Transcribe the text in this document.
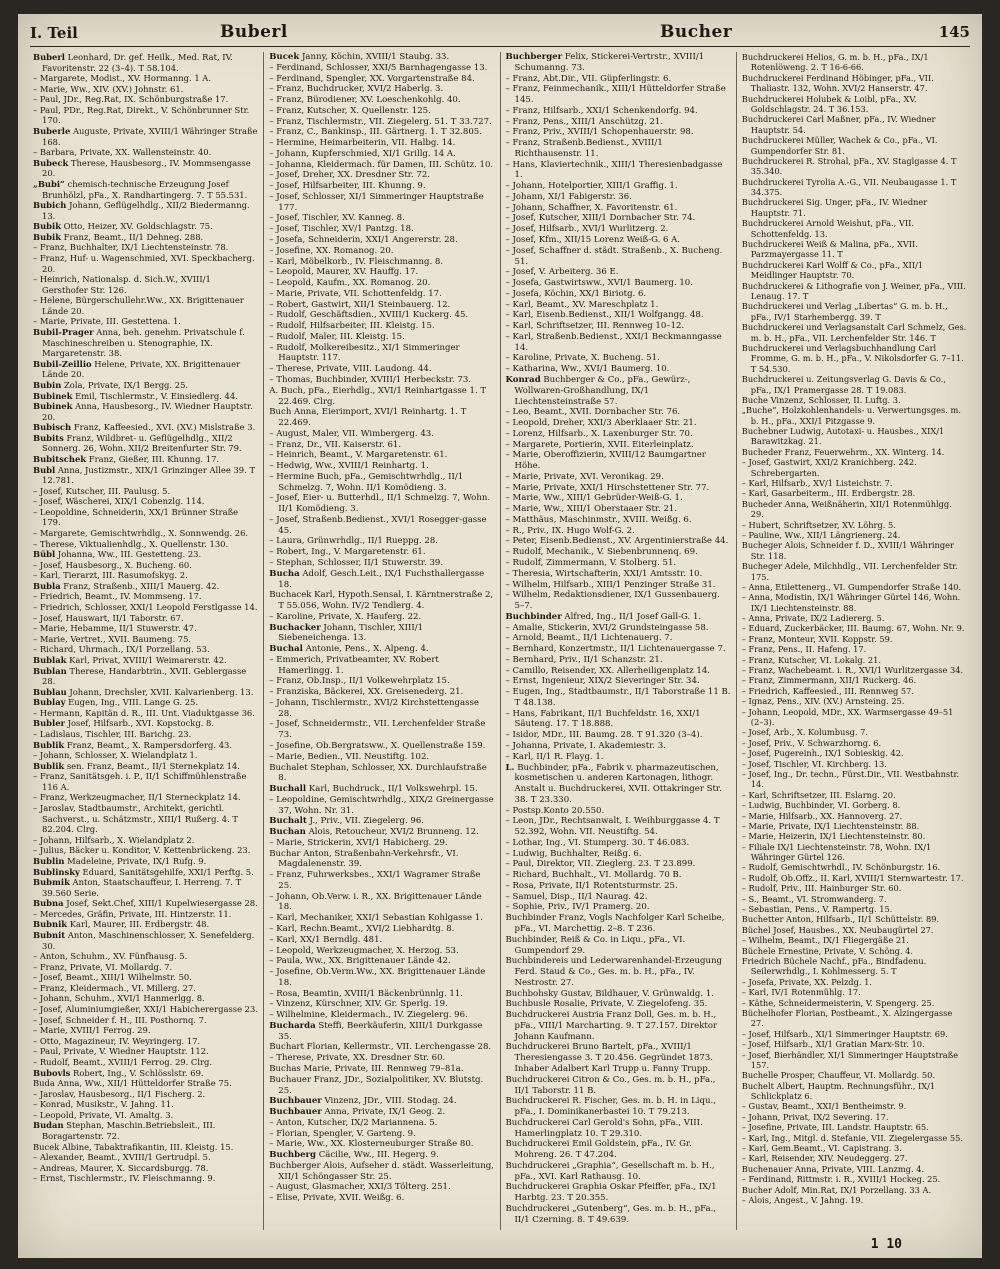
I. Teil	Buberl	Bucher	145

Buberl Leonhard, Dr. gef. Heilk., Med. Rat, IV. Favoritenstr. 22 (3–4). T 58.104.

– Margarete, Modist., XV. Hormanng. 1 A.

– Marie, Ww., XIV. (XV.) Johnstr. 61.

– Paul, JDr., Reg.Rat, IX. Schönburgstraße 17.

– Paul, PDr., Reg.Rat, Direkt., V. Schönbrunner Str. 170.

Buberle Auguste, Private, XVIII/1 Währinger Straße 168.

– Barbara, Private, XX. Wallensteinstr. 40.

Bubeck Therese, Hausbesorg., IV. Mommsengasse 20.

„Bubi“ chemisch-technische Erzeugung Josef Brunhölzl, pFa., X. Randhartingerg. 7. T 55.531.

Bubich Johann, Geflügelhdlg., XII/2 Biedermanng. 13.

Bubik Otto, Heizer, XV. Goldschlagstr. 75.

Bubik Franz, Beamt., II/1 Dehneg. 288.

– Franz, Buchhalter, IX/1 Liechtensteinstr. 78.

– Franz, Huf- u. Wagenschmied, XVI. Speckbacherg. 20.

– Heinrich, Nationalsp. d. Sich.W., XVIII/1 Gersthofer Str. 126.

– Helene, Bürgerschullehr.Ww., XX. Brigittenauer Lände 20.

– Marie, Private, III. Gestettena. 1.

Bubil-Prager Anna, beh. genehm. Privatschule f. Maschineschreiben u. Stenographie, IX. Margaretenstr. 38.

Bubil-Zeillio Helene, Private, XX. Brigittenauer Lände 20.

Bubin Zola, Private, IX/1 Bergg. 25.

Bubinek Emil, Tischlermstr., V. Einsiedlerg. 44.

Bubinek Anna, Hausbesorg., IV. Wiedner Hauptstr. 20.

Bubisch Franz, Kaffeesied., XVI. (XV.) Mislstraße 3.

Bubits Franz, Wildbret- u. Geflügelhdlg., XII/2 Sonnerg. 26, Wohn. XII/2 Breitenfurter Str. 79.

Bubitschek Franz, Gießer, III. Khunng. 17.

Bubl Anna, Justizmstr., XIX/1 Grinzinger Allee 39. T 12.781.

– Josef, Kutscher, III. Paulusg. 5.

– Josef, Wäscherei, XIX/1 Cobenzlg. 114.

– Leopoldine, Schneiderin, XX/1 Brünner Straße 179.

– Margarete, Gemischtwrhdlg., X. Sonnwendg. 26.

– Therese, Viktualienhdlg., X. Quellenstr. 130.

Bübl Johanna, Ww., III. Gestetteng. 23.

– Josef, Hausbesorg., X. Bucheng. 60.

– Karl, Tierarzt, III. Rasumofskyg. 2.

Bubla Franz, Straßenb., XIII/1 Mauerg. 42.

– Friedrich, Beamt., IV. Mommseng. 17.

– Friedrich, Schlosser, XXI/1 Leopold Ferstlgasse 14.

– Josef, Hauswart, II/1 Taborstr. 67.

– Marie, Hebamme, II/1 Stuwerstr. 47.

– Marie, Vertret., XVII. Baumeng. 75.

– Richard, Uhrmach., IX/1 Porzellang. 53.

Bublak Karl, Privat, XVIII/1 Weimarerstr. 42.

Bublan Therese, Handarbtrin., XVII. Geblergasse 28.

Bublau Johann, Drechsler, XVII. Kalvarienberg. 13.

Bublay Eugen, Ing., VIII. Lange G. 25.

– Hermann, Kapitän d. R., III. Unt. Viaduktgasse 36.

Bubler Josef, Hilfsarb., XVI. Kopstockg. 8.

– Ladislaus, Tischler, III. Barichg. 23.

Bublik Franz, Beamt., X. Rampersdorferg. 43.

– Johann, Schlosser, X. Wielandplatz 1.

Bublik sen. Franz, Beamt., II/1 Sternekplatz 14.

– Franz, Sanitätsgeh. i. P., II/1 Schiffmühlenstraße 116 A.

– Franz, Werkzeugmacher, II/1 Sterneckplatz 14.

– Jaroslav, Stadtbaumstr., Architekt, gerichtl. Sachverst., u. Schätzmstr., XIII/1 Rußerg. 4. T 82.204. Clrg.

– Johann, Hilfsarb., X. Wielandplatz 2.

– Julius, Bäcker u. Konditor, V. Kettenbrückeng. 23.

Bublin Madeleine, Private, IX/1 Rufg. 9.

Bublinsky Eduard, Sanitätsgehilfe, XXI/1 Perftg. 5.

Bubmik Anton, Staatschauffeur, I. Herreng. 7. T 39.560 Serie.

Bubna Josef, Sekt.Chef, XIII/1 Kupelwiesergasse 28.

– Mercedes, Gräfin, Private, III. Hintzerstr. 11.

Bubnik Karl, Maurer, III. Erdbergstr. 48.

Bubnit Anton, Maschinenschlosser, X. Senefelderg. 30.

– Anton, Schuhm., XV. Fünfhausg. 5.

– Franz, Private, VI. Mollardg. 7.

– Josef, Beamt., XIII/1 Wilhelmstr. 50.

– Franz, Kleidermach., VI. Millerg. 27.

– Johann, Schuhm., XVI/1 Hanmerlgg. 8.

– Josef, Aluminiumgießer, XXI/1 Habicherergasse 23.

– Josef, Schneider f. H., III. Posthornq. 7.

– Marie, XVIII/1 Ferrog. 29.

– Otto, Magazineur, IV. Weyringerg. 17.

– Paul, Private, V. Wiedner Hauptstr. 112.

– Rudolf, Beamt., XVIII/1 Ferrog. 29. Clrg.

Bubovls Robert, Ing., V. Schlösslstr. 69.

Buda Anna, Ww., XII/1 Hütteldorfer Straße 75.

– Jaroslav, Hausbesorg., II/1 Fischerg. 2.

– Konrad, Musikstr., V. Jahng. 11.

– Leopold, Private, VI. Amaltg. 3.

Budan Stephan, Maschin.Betriebsleit., III. Boragartenstr. 72.

Bucek Albine, Tabaktrafikantin, III. Kleistg. 15.

– Alexander, Beamt., XVIII/1 Gertrudpl. 5.

– Andreas, Maurer, X. Siccardsburgg. 78.

– Ernst, Tischlermstr., IV. Fleischmanng. 9.

Bucek Janny, Köchin, XVIII/1 Staubg. 33.

– Ferdinand, Schlosser, XXI/5 Barnhagengasse 13.

– Ferdinand, Spengler, XX. Vorgartenstraße 84.

– Franz, Buchdrucker, XVI/2 Haberlg. 3.

– Franz, Bürodiener, XV. Loeschenkohlg. 40.

– Franz, Kutscher, X. Quellenstr. 125.

– Franz, Tischlermstr., VII. Ziegelerg. 51. T 33.727.

– Franz, C., Bankinsp., III. Gärtnerg. 1. T 32.805.

– Hermine, Heimarbeiterin, VII. Halbg. 14.

– Johann, Kupferschmied, XI/1 Grillg. 14 A.

– Johanna, Kleidermach. für Damen, III. Schütz. 10.

– Josef, Dreher, XX. Dresdner Str. 72.

– Josef, Hilfsarbeiter, III. Khunng. 9.

– Josef, Schlosser, XI/1 Simmeringer Hauptstraße 177.

– Josef, Tischler, XV. Kanneg. 8.

– Josef, Tischler, XV/1 Pantzg. 18.

– Josefa, Schneiderin, XXI/1 Angererstr. 28.

– Josefine, XX. Romanog. 20.

– Karl, Möbelkorb., IV. Fleischmanng. 8.

– Leopold, Maurer, XV. Hauffg. 17.

– Leopold, Kaufm., XX. Romanog. 20.

– Marie, Private, VII. Schottenfeldg. 17.

– Robert, Gastwirt, XII/1 Steinbauerg. 12.

– Rudolf, Geschäftsdien., XVIII/1 Kuckerg. 45.

– Rudolf, Hilfsarbeiter, III. Kleistg. 15.

– Rudolf, Maler, III. Kleistg. 15.

– Rudolf, Molkereibesitz., XI/1 Simmeringer Hauptstr. 117.

– Therese, Private, VIII. Laudong. 44.

– Thomas, Buchbinder, XVIII/1 Herbeckstr. 73.

A. Buch, pFa., Eierhdlg., XVI/1 Reinhartgasse 1. T 22.469. Clrg.

Buch Anna, Eierimport, XVI/1 Reinhartg. 1. T 22.469.

– August, Maler, VII. Wimbergerg. 43.

– Franz, Dr., VII. Kaiserstr. 61.

– Heinrich, Beamt., V. Margaretenstr. 61.

– Hedwig, Ww., XVIII/1 Reinhartg. 1.

– Hermine Buch, pFa., Gemischtwrhdlg., II/1 Schmelzg. 7, Wohn. II/1 Komödieng. 3.

– Josef, Eier- u. Butterhdl., II/1 Schmelzg. 7, Wohn. II/1 Komödieng. 3.

– Josef, Straßenb.Bedienst., XVI/1 Rosegger-gasse 45.

– Laura, Grünwrhdlg., II/1 Rueppg. 28.

– Robert, Ing., V. Margaretenstr. 61.

– Stephan, Schlosser, II/1 Stuwerstr. 39.

Bucha Adolf, Gesch.Leit., IX/1 Fuchsthallergasse 18.

Buchacek Karl, Hypoth.Sensal, I. Kärntnerstraße 2, T 55.056, Wohn. IV/2 Tendlerg. 4.

– Karoline, Private, X. Hauferg. 22.

Buchacker Johann, Tischler, XIII/1 Siebeneichenga. 13.

Buchal Antonie, Pens., X. Alpeng. 4.

– Emmerich, Privatbeamter, XV. Robert Hamerlingg. 1.

– Franz, Ob.Insp., II/1 Volkewehrplatz 15.

– Franziska, Bäckerei, XX. Greisenederg. 21.

– Johann, Tischlermstr., XVI/2 Kirchstettengasse 28.

– Josef, Schneidermstr., VII. Lerchenfelder Straße 73.

– Josefine, Ob.Bergratsww., X. Quellenstraße 159.

– Marie, Bedien., VII. Neustiftg. 102.

Buchalet Stephan, Schlosser, XX. Durchlaufstraße 8.

Buchall Karl, Buchdruck., II/1 Volkswehrpl. 15.

– Leopoldine, Gemischtwrhdlg., XIX/2 Greinergasse 37, Wohn. Nr. 31.

Buchalt J., Priv., VII. Ziegelerg. 96.

Buchan Alois, Retoucheur, XVI/2 Brunneng. 12.

– Marie, Strickerin, XVI/1 Habicherg. 29.

Buchar Anton, Straßenbahn-Verkehrsfr., VI. Magdalenenstr. 39.

– Franz, Fuhrwerksbes., XXI/1 Wagramer Straße 25.

– Johann, Ob.Verw. i. R., XX. Brigittenauer Lände 18.

– Karl, Mechaniker, XXI/1 Sebastian Kohlgasse 1.

– Karl, Rechn.Beamt., XVI/2 Liebhardtg. 8.

– Karl, XX/1 Berndlg. 481.

– Leopold, Werkzeugmacher, X. Herzog. 53.

– Paula, Ww., XX. Brigittenauer Lände 42.

– Josefine, Ob.Verm.Ww., XX. Brigittenauer Lände 18.

– Rosa, Beamtin, XVIII/1 Bäckenbrünnlg. 11.

– Vinzenz, Kürschner, XIV. Gr. Sperlg. 19.

– Wilhelmine, Kleidermach., IV. Ziegelerg. 96.

Bucharda Steffi, Beerkäuferin, XIII/1 Durkgasse 35.

Buchart Florian, Kellermstr., VII. Lerchengasse 28.

– Therese, Private, XX. Dresdner Str. 60.

Buchas Marie, Private, III. Rennweg 79–81a.

Buchauer Franz, JDr., Sozialpolitiker, XV. Blutstg. 25.

Buchbauer Vinzenz, JDr., VIII. Stodag. 24.

Buchbauer Anna, Private, IX/1 Geog. 2.

– Anton, Kutscher, IX/2 Mariannena. 5.

– Florian, Spengler, V. Garteng. 9.

– Marie, Ww., XX. Klosterneuburger Straße 80.

Buchberg Cäcilie, Ww., III. Hegerg. 9.

Buchberger Alois, Aufseher d. städt. Wasserleitung, XII/1 Schöngasser Str. 25.

– August, Glasmacher, XXI/3 Tölterg. 251.

– Elise, Private, XVII. Weißg. 6.

Buchberger Felix, Stickerei-Vertrstr., XVIII/1 Schumanng. 73.

– Franz, Abt.Dir., VII. Güpferlingstr. 6.

– Franz, Feinmechanik., XIII/1 Hütteldorfer Straße 145.

– Franz, Hilfsarb., XXI/1 Schenkendorfg. 94.

– Franz, Pens., XIII/1 Anschützg. 21.

– Franz, Priv., XVIII/1 Schopenhauerstr. 98.

– Franz, Straßenb.Bedienst., XVIII/1 Richthausenstr. 11.

– Hans, Klaviertechnik., XIII/1 Theresienbadgasse 1.

– Johann, Hotelportier, XIII/1 Graffig. 1.

– Johann, XI/1 Fabigerstr. 36.

– Johann, Schaffner, X. Favoritenstr. 61.

– Josef, Kutscher, XIII/1 Dornbacher Str. 74.

– Josef, Hilfsarb., XVI/1 Wurlitzerg. 2.

– Josef, Kfm., XII/15 Lorenz Weiß-G. 6 A.

– Josef, Schaffner d. städt. Straßenb., X. Bucheng. 51.

– Josef, V. Arbeiterg. 36 E.

– Josefa, Gastwirtsww., XVI/1 Baumerg. 10.

– Josefa, Köchin, XX/1 Biriotg. 6.

– Karl, Beamt., XV. Mareschplatz 1.

– Karl, Eisenb.Bedienst., XII/1 Wolfgangg. 48.

– Karl, Schriftsetzer, III. Rennweg 10–12.

– Karl, Straßenb.Bedienst., XXI/1 Beckmanngasse 14.

– Karoline, Private, X. Bucheng. 51.

– Katharina, Ww., XVI/1 Baumerg. 10.

Konrad Buchberger & Co., pFa., Gewürz-, Wollwaren-Großhandlung, IX/1 Liechtensteinstraße 57.

– Leo, Beamt., XVII. Dornbacher Str. 76.

– Leopold, Dreher, XXI/3 Aberklaaer Str. 21.

– Lorenz, Hilfsarb., X. Laxenburger Str. 70.

– Margarete, Portierin, XVII. Eiterleinplatz.

– Marie, Oberoffizierin, XVIII/12 Baumgartner Höhe.

– Marie, Private, XVI. Veronikag. 29.

– Marie, Private, XXI/1 Hirschstettener Str. 77.

– Marie, Ww., XIII/1 Gebrüder-Weiß-G. 1.

– Marie, Ww., XIII/1 Oberstaaer Str. 21.

– Matthäus, Maschinmstr., XVIII. Weißg. 6.

– R., Priv., IX. Hugo Wolf-G. 2.

– Peter, Eisenb.Bedienst., XV. Argentinierstraße 44.

– Rudolf, Mechanik., V. Siebenbrunnenq. 69.

– Rudolf, Zimmermann, V. Stolberg. 51.

– Theresia, Wirtschafterin, XXI/1 Amtsstr. 10.

– Wilhelm, Hilfsarb., XIII/1 Penzinger Straße 31.

– Wilhelm, Redaktionsdiener, IX/1 Gussenbauerg. 5–7.

Buchbinder Alfred, Ing., II/1 Josef Gall-G. 1.

– Amalie, Stickerin, XVI/2 Grundsteingasse 58.

– Arnold, Beamt., II/1 Lichtenauerg. 7.

– Bernhard, Konzertmstr., II/1 Lichtenauergasse 7.

– Bernhard, Priv., II/1 Schanzstr. 21.

– Camillo, Reisender, XX. Allerheiligenplatz 14.

– Ernst, Ingenieur, XIX/2 Sieveringer Str. 34.

– Eugen, Ing., Stadtbaumstr., II/1 Taborstraße 11 B. T 48.138.

– Hans, Fabrikant, II/1 Buchfeldstr. 16, XXI/1 Säuteng. 17. T 18.888.

– Isidor, MDr., III. Baumg. 28. T 91.320 (3–4).

– Johanna, Private, I. Akademiestr. 3.

– Karl, II/1 R. Flayg. 1.

L. Buchbinder, pFa., Fabrik v. pharmazeutischen, kosmetischen u. anderen Kartonagen, lithogr. Anstalt u. Buchdruckerei, XVII. Ottakringer Str. 38. T 23.330.

– Postsp.Konto 20.550.

– Leon, JDr., Rechtsanwalt, I. Weihburggasse 4. T 52.392, Wohn. VII. Neustiftg. 54.

– Lothar, Ing., VI. Stumperg. 30. T 46.083.

– Ludwig, Buchhalter, Reißg. 6.

– Paul, Direktor, VII. Zieglerg. 23. T 23.899.

– Richard, Buchhalt., VI. Mollardg. 70 B.

– Rosa, Private, II/1 Rotentsturmstr. 25.

– Samuel, Disp., II/1 Naurag. 42.

– Sophie, Priv., IV/1 Pramerg. 20.

Buchbinder Franz, Vogls Nachfolger Karl Scheibe, pFa., VI. Marchettig. 2–8. T 236.

Buchbinder, Reiß & Co. in Liqu., pFa., VI. Gumpendorf 29.

Buchbindereis und Lederwarenhandel-Erzeugung Ferd. Staud & Co., Ges. m. b. H., pFa., IV. Nestrostr. 27.

Buchbohsky Gustav, Bildhauer, V. Grünwaldg. 1.

Buchbusle Rosalie, Private, V. Ziegelofeng. 35.

Buchdruckerei Austria Franz Doll, Ges. m. b. H., pFa., VIII/1 Marcharting. 9. T 27.157. Direktor Johann Kaufmann.

Buchdruckerei Bruno Bartelt, pFa., XVIII/1 Theresiengasse 3. T 20.456. Gegründet 1873. Inhaber Adalbert Karl Trupp u. Fanny Trupp.

Buchdruckerei Citron & Co., Ges. m. b. H., pFa., II/1 Taborstr. 11 B.

Buchdruckerei R. Fischer, Ges. m. b. H. in Liqu., pFa., I. Dominikanerbastei 10. T 79.213.

Buchdruckerei Carl Gerold's Sohn, pFa., VIII. Hamerlingplatz 10. T 29.310.

Buchdruckerei Emil Goldstein, pFa., IV. Gr. Mohreng. 26. T 47.204.

Buchdruckerei „Graphia“, Gesellschaft m. b. H., pFa., XVI. Karl Rathausg. 10.

Buchdruckerei Graphia Oskar Pfeiffer, pFa., IX/1 Harbtg. 23. T 20.355.

Buchdruckerei „Gutenberg“, Ges. m. b. H., pFa., II/1 Czerning. 8. T 49.639.

Buchdruckerei Helios, G. m. b. H., pFa., IX/1 Rotenlöweng. 2. T 16-6-66.

Buchdruckerei Ferdinand Höbinger, pFa., VII. Thaliastr. 132, Wohn. XVI/2 Hanserstr. 47.

Buchdruckerei Holubek & Loibl, pFa., XV. Goldschlagstr. 24. T 36.153.

Buchdruckerei Carl Maßner, pFa., IV. Wiedner Hauptstr. 54.

Buchdruckerei Müller, Wachek & Co., pFa., VI. Gumpendorfer Str. 81.

Buchdruckerei R. Strohal, pFa., XV. Staglgasse 4. T 35.340.

Buchdruckerei Tyrolia A.-G., VII. Neubaugasse 1. T 34.375.

Buchdruckerei Sig. Unger, pFa., IV. Wiedner Hauptstr. 71.

Buchdruckerei Arnold Weishut, pFa., VII. Schottenfeldg. 13.

Buchdruckerei Weiß & Malina, pFa., XVII. Parzmayergasse 11. T

Buchdruckerei Karl Wolff & Co., pFa., XII/1 Meidlinger Hauptstr. 70.

Buchdruckerei & Lithografie von J. Weiner, pFa., VIII. Lenaug. 17. T

Buchdruckerei und Verlag „Libertas“ G. m. b. H., pFa., IV/1 Starhembergg. 39. T

Buchdruckerei und Verlagsanstalt Carl Schmelz, Ges. m. b. H., pFa., VII. Lerchenfelder Str. 146. T

Buchdruckerei und Verlagsbuchhandlung Carl Fromme, G. m. b. H., pFa., V. Nikolsdorfer G. 7–11. T 54.530.

Buchdruckerei u. Zeitungsverlag G. Davis & Co., pFa., IX/1 Pramergasse 28. T 19.083.

Buche Vinzenz, Schlosser, II. Luftg. 3.

„Buche“, Holzkohlenhandels- u. Verwertungsges. m. b. H., pFa., XXI/1 Pitzgasse 9.

Buchebner Ludwig, Autotaxi- u. Hausbes., XIX/1 Barawitzkag. 21.

Bucheder Franz, Feuerwehrm., XX. Winterg. 14.

– Josef, Gastwirt, XXI/2 Kranichberg. 242. Schrebergarten.

– Karl, Hilfsarb., XV/1 Listeichstr. 7.

– Karl, Gasarbeiterm., III. Erdbergstr. 28.

Bucheder Anna, Weißnäherin, XII/1 Rotenmühlgg. 29.

– Hubert, Schriftsetzer, XV. Löhrg. 5.

– Pauline, Ww., XII/1 Längrienerg. 24.

Bucheger Alois, Schneider f. D., XVIII/1 Währinger Str. 118.

Bucheger Adele, Milchhdlg., VII. Lerchenfelder Str. 175.

– Anna, Etilettenerg., VI. Gumpendorfer Straße 140.

– Anna, Modistin, IX/1 Währinger Gürtel 146, Wohn. IX/1 Liechtensteinstr. 88.

– Anna, Private, IX/2 Ladiererg. 5.

– Eduard, Zuckerbäcker, III. Baumg. 67, Wohn. Nr. 9.

– Franz, Monteur, XVII. Koppstr. 59.

– Franz, Pens., II. Hafeng. 17.

– Franz, Kutscher, VI. Lokalg. 21.

– Franz, Wachebeamt. i. R., XVI/1 Wurlitzergasse 34.

– Franz, Zimmermann, XII/1 Ruckerg. 46.

– Friedrich, Kaffeesied., III. Rennweg 57.

– Ignaz, Pens., XIV. (XV.) Arnsteing. 25.

– Johann, Leopold, MDr., XX. Warmsergasse 49–51 (2–3).

– Josef, Arb., X. Kolumbusg. 7.

– Josef, Priv., V. Schwarzhorng. 6.

– Josef, Pugereinh., IX/1 Sobieskig. 42.

– Josef, Tischler, VI. Kirchberg. 13.

– Josef, Ing., Dr. techn., Fürst.Dir., VII. Westbahnstr. 14.

– Karl, Schriftsetzer, III. Eslarng. 20.

– Ludwig, Buchbinder, VI. Gorberg. 8.

– Marie, Hilfsarb., XX. Hannoverg. 27.

– Marie, Private, IX/1 Liechtensteinstr. 88.

– Marie, Heizerin, IX/1 Liechtensteinstr. 80.

– Filiale IX/1 Liechtensteinstr. 78, Wohn. IX/1 Währinger Gürtel 126.

– Rudolf, Gemischtwrhdl., IV. Schönburgstr. 16.

– Rudolf, Ob.Offz., II. Karl, XVIII/1 Sternwartestr. 17.

– Rudolf, Priv., III. Hainburger Str. 60.

– S., Beamt., VI. Stromwanderg. 7.

– Sebastian, Pens., V. Rampertg. 15.

Buchetter Anton, Hilfsarb., II/1 Schüttelstr. 89.

Büchel Josef, Hausbes., XX. Neubaugürtel 27.

– Wilhelm, Beamt., IX/1 Fliegergäße 21.

Büchele Ernestine, Private, V. Schöng. 4.

Friedrich Büchele Nachf., pFa., Bindfadenu. Seilerwrhdlg., I. Kohlmesserg. 5. T

– Josefa, Private, XX. Pelzdg. 1.

– Karl, IV/1 Rotenmühlg. 17.

– Käthe, Schneidermeisterin, V. Spengerg. 25.

Büchelhofer Florian, Postbeamt., X. Alzingergasse 27.

– Josef, Hilfsarb., XI/1 Simmeringer Hauptstr. 69.

– Josef, Hilfsarb., XI/1 Gratian Marx-Str. 10.

– Josef, Bierhändler, XI/1 Simmeringer Hauptstraße 157.

Buchelle Prosper, Chauffeur, VI. Mollardg. 50.

Buchelt Albert, Hauptm. Rechnungsführ., IX/1 Schlickplatz 6.

– Gustav, Beamt., XXI/1 Bentheimstr. 9.

– Johann, Privat, IX/2 Severing. 17.

– Josefine, Private, III. Landstr. Hauptstr. 65.

– Karl, Ing., Mitgl. d. Stefanie, VII. Ziegelergasse 55.

– Karl, Gem.Beamt., VI. Capistrang. 3.

– Karl, Reisender, XIV. Neudeggerg. 27.

Buchenauer Anna, Private, VIII. Lanzmg. 4.

– Ferdinand, Rittmstr. i. R., XVIII/1 Hockeg. 25.

Bucher Adolf, Min.Rat, IX/1 Porzellang. 33 A.

– Alois, Angest., V. Jahng. 19.

1 10
